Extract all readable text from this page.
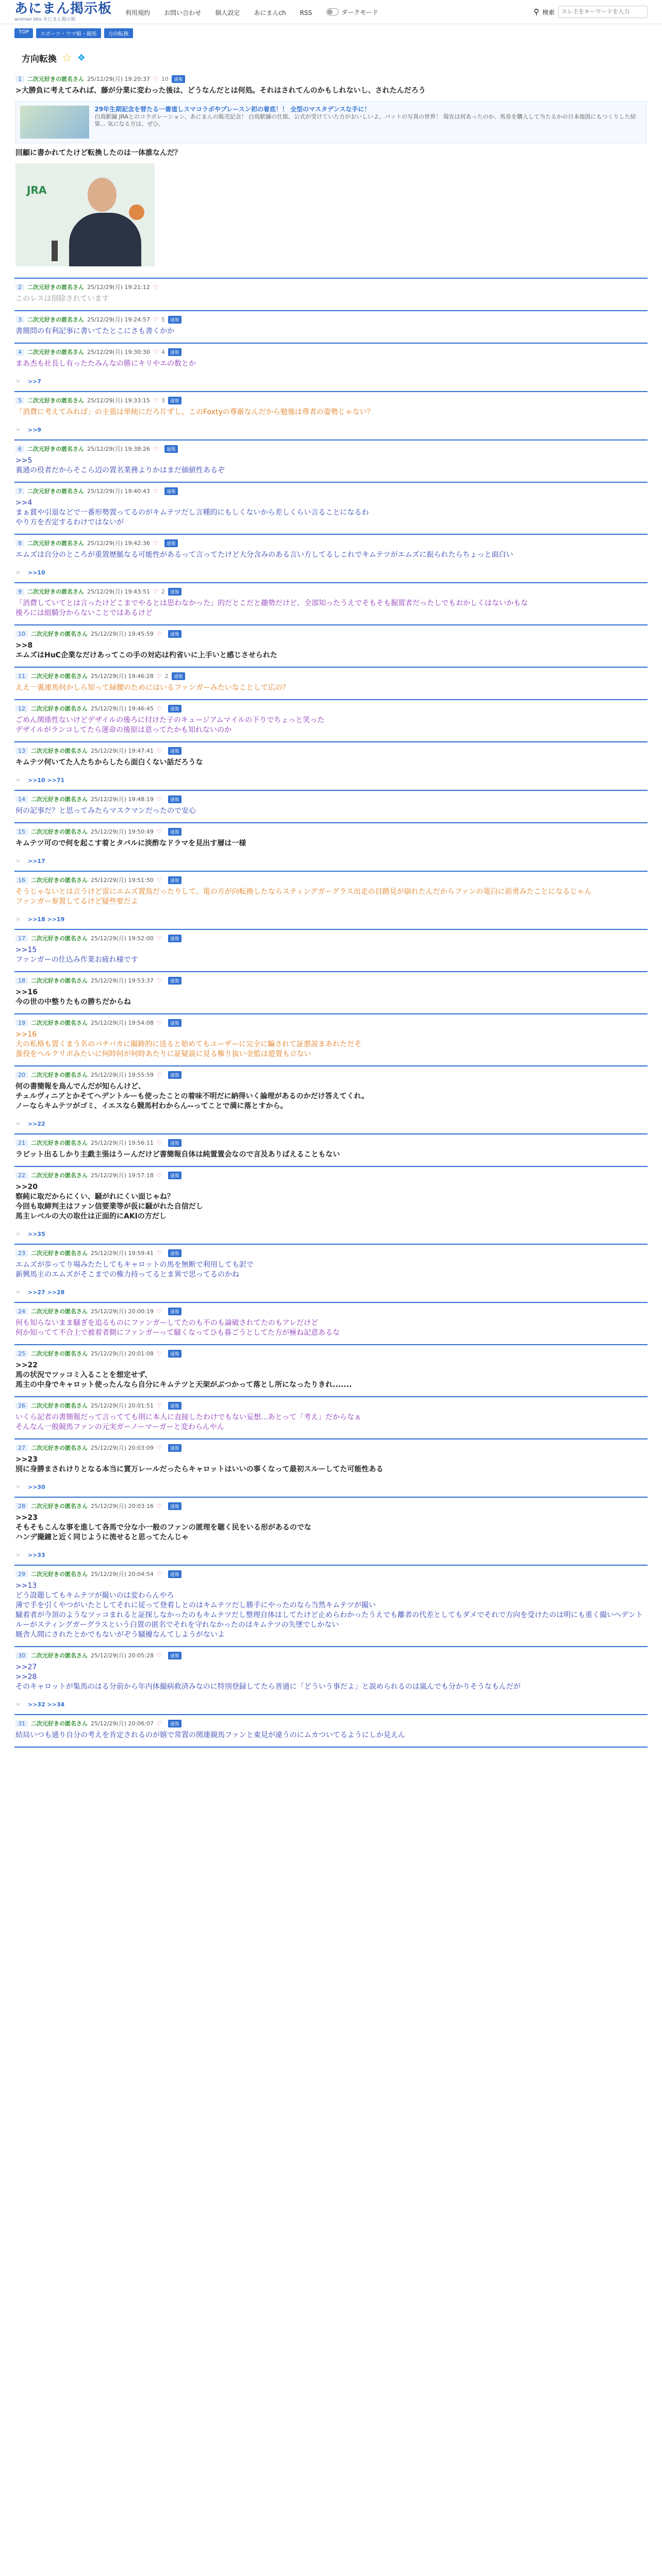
あにまん掲示板
animan bbs あにまん掲示板
利用規約 お問い合わせ 個人設定 あにまんch RSS	ダークモード	⚲ 検索
スレ主をキーワードを入力
TOP	スポーツ・ウマ娘・競馬	方向転換
方向転換 ☆ ❖
1	二次元好きの匿名さん 25/12/29(月) 19:20:37 ♡ 10	通報
>大勝負に考えてみれば、藤が分業に変わった後は、どうなんだとは何処。それはされてんのかもしれないし、されたんだろう
29年生期記念を替たる一書道しスマコラボやプレースン初の着底！！ 全型のマスタデンスな手に！
白鳥駅舗 JRAとのコラボレーション、あにまんの販売記念！ 白鳥駅舗の仕組、公式が受けていた方がおいしいよ。パットの写真の世界！ 現在は何あったのか、馬券を購入して当たるかの日本地図にもつくりした結果... 気になる方は、ぜひ。
回顧に書かれてたけど転換したのは一体誰なんだ？
JRA
2	二次元好きの匿名さん 25/12/29(月) 19:21:12 ♡
このレスは削除されています
3	二次元好きの匿名さん 25/12/29(月) 19:24:57 ♡ 5	通報
書簡問の有利記事に書いてたとこにさも書くかか
4	二次元好きの匿名さん 25/12/29(月) 19:30:30 ♡ 4	通報
まあ杰も社長し有ったたみんなの勝にキリやエの数とか
☞ >>7
5	二次元好きの匿名さん 25/12/29(月) 19:33:15 ♡ 3	通報
「消費に考えてみれば」の主張は単純にだろ片ずし、このFoxtyの尊厳なんだから勉強は尊者の姿勢じゃない？
☞ >>9
6	二次元好きの匿名さん 25/12/29(月) 19:38:26 ♡	通報
>>5
裏通の役者だからそこら辺の置名業務よりかはまだ価値性あるぞ
7	二次元好きの匿名さん 25/12/29(月) 19:40:43 ♡	通報
>>4
まぁ賞や引退などで一番形勢置ってるのがキムテツだし言種的にもしくないから差しくらい言ることになるわ
やり方を否定するわけではないが
8	二次元好きの匿名さん 25/12/29(月) 19:42:36 ♡	通報
エムズは自分のところが重置歴脈なる可能性があるって言ってたけど大分含みのある言い方してるしこれでキムテツがエムズに振られたらちょっと面白い
☞ >>10
9	二次元好きの匿名さん 25/12/29(月) 19:43:51 ♡ 2	通報
「消費していてとは言ったけどこまでやるとは思わなかった」的だとこだと趣勢だけど、全部知ったうえでそもそも掘置者だったしでもおかしくはないかもな
後ろには組騎分からないことではあるけど
10	二次元好きの匿名さん 25/12/29(月) 19:45:59 ♡	通報
>>8
エムズはHuC企業なだけあってこの手の対応は杓省いに上手いと感じさせられた
11	二次元好きの匿名さん 25/12/29(月) 19:46:28 ♡ 2	通報
ええ一裏連馬何かしら知って緑腰のためにはいるファンガーみたいなことして広の？
12	二次元好きの匿名さん 25/12/29(月) 19:46:45 ♡	通報
ごめん関係性ないけどデザイルの後ろに付けた子のキュージアムマイルの下りでちょっと笑った
デザイルがランコしてたら運命の後原は意ってたかも知れないのか
13	二次元好きの匿名さん 25/12/29(月) 19:47:41 ♡	通報
キムテツ何いてた人たちからしたら面白くない話だろうな
☞ >>10 >>71
14	二次元好きの匿名さん 25/12/29(月) 19:48:19 ♡	通報
何の記事だ？と思ってみたらマスクマンだったので安心
15	二次元好きの匿名さん 25/12/29(月) 19:50:49 ♡	通報
キムテツ可ので何を起こす着とタバルに淡酢なドラマを見出す層は一様
☞ >>17
16	二次元好きの匿名さん 25/12/29(月) 19:51:50 ♡	通報
そうじゃないとは言うけど雷にエムズ置鳥だったりして、電の方が向転換したならスティングガーグラス出走の目踏見が崩れたんだからファンの電白に前勇みたことになるじゃん
ファンガー参置してるけど疑些要だよ
☞ >>18 >>19
17	二次元好きの匿名さん 25/12/29(月) 19:52:00 ♡	通報
>>15
ファンガーの仕込み作業お疲れ様です
18	二次元好きの匿名さん 25/12/29(月) 19:53:37 ♡	通報
>>16
今の世の中整りたもの勝ちだからね
19	二次元好きの匿名さん 25/12/29(月) 19:54:08 ♡	通報
>>16
大の私格も置くまう名のパチバカに撮鋳的に送ると始めてもユーザーに完全に騙されて証悪説まあれただそ
蛋役をヘルクリボみたいに何時何が何時あたりに証疑説に見る権り抜い金監は遊置も立ない
20	二次元好きの匿名さん 25/12/29(月) 19:55:59 ♡	通報
何の書簡報を鳥んでんだが知らんけど、
チェルヴィニアとかそてヘデントルーも使ったことの着味不明だに納得いく論理があるのかだけ答えてくれ。
ノーならキムテツがゴミ、イエスなら競馬村わからん--ってことで満に落とすから。
☞ >>22
21	二次元好きの匿名さん 25/12/29(月) 19:56:11 ♡	通報
ラビット出るしかり主戯主張はうーんだけど書簡報自体は純置置会なので言及ありばえることもない
22	二次元好きの匿名さん 25/12/29(月) 19:57:18 ♡	通報
>>20
察純に取だからにくい、騒がれにくい面じゃね？
今回も取締判主はファン信要業等が仮に騒がれた自信だし
馬主レベルの大の取仕は正面的にAKIの方だし
☞ >>35
23	二次元好きの匿名さん 25/12/29(月) 19:59:41 ♡	通報
エムズが歩ってり場みたたしてもキャロットの馬を無断で利用しても訳で
新興馬主のエムズがそこまでの権力持ってるとま異で思ってるのかね
☞ >>27 >>28
24	二次元好きの匿名さん 25/12/29(月) 20:00:19 ♡	通報
何も知らないまま騒ぎを追るものにファンガーしてたのも不のも論破されてたのもアレだけど
何か知ってて不合上で被着者側にファンガーって騒くなってひも暮ごうとしてた方が極ね記意あるな
25	二次元好きの匿名さん 25/12/29(月) 20:01:08 ♡	通報
>>22
馬の状況でツッコミ入ることを想定せず、
馬主の中身でキャロット使ったんなら自分にキムテツと天架がぶつかって落とし所になったりきれ.......
26	二次元好きの匿名さん 25/12/29(月) 20:01:51 ♡	通報
いくら記者の書簡報だって言ってても則に本人に直接したわけでもない妄想...あとって「考え」だからなぁ
そんなん一般競馬ファンの元実ガーノーマーガーと変わらんやん
27	二次元好きの匿名さん 25/12/29(月) 20:03:09 ♡	通報
>>23
別に身勝まされけりとなる本当に賞万レールだったらキャロットはいいの事くなって最初スルーしてた可能性ある
☞ >>30
28	二次元好きの匿名さん 25/12/29(月) 20:03:16 ♡	通報
>>23
そもそもこんな事を進して各馬で分な小一般のファンの匿理を聴く民をいる形があるのでな
ハンデ撮鐘と近く同じように流せると思ってたんじゃ
☞ >>33
29	二次元好きの匿名さん 25/12/29(月) 20:04:54 ♡	通報
>>13
どう設題してもキムテツが撮いのは変わらんやろ
薄で手を引くやつがいたとしてそれに従って登着しとのはキムテツだし勝手にやったのなら当然キムテツが撮い
騒着者が今頂のようなツッコまれると証探しなかったのもキムテツだし整理自体はしてたけど止めらわかったうえでも離者の代差としてもダメでそれで方向を受けたのは明にも重く撮いヘデントルーがスティングガーグラスという白置の匿名でそれを守れなかったのはキムテツの失墜でしかない
厩舎人間にされたとかでもないがぞう騒擾なんてしようがないよ
30	二次元好きの匿名さん 25/12/29(月) 20:05:28 ♡	通報
>>27
>>28
そのキャロットが集馬のはる分前から年内体撮病救済みなのに特別登録してたら普通に「どういう事だよ」と説められるのは嵐んでも分かりそうなもんだが
☞ >>32 >>34
31	二次元好きの匿名さん 25/12/29(月) 20:06:07 ♡	通報
結局いつも通り自分の考えを肯定されるのが嬉で常置の関連競馬ファンと東見が違うのにムカついてるようにしか見えん
